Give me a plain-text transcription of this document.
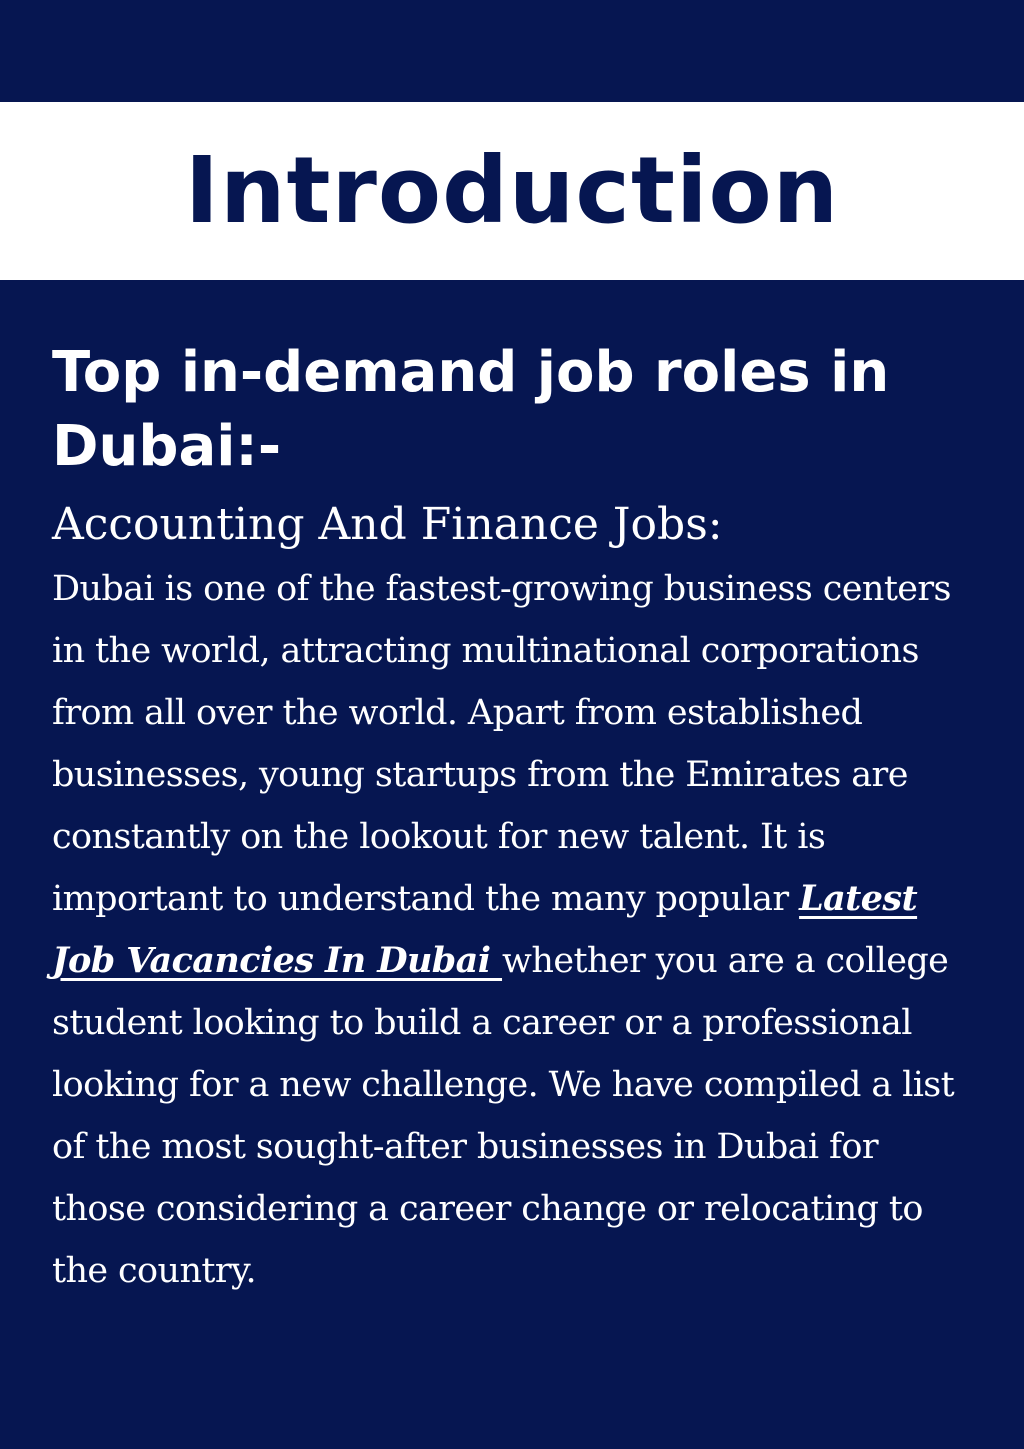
Introduction
Top in-demand job roles in Dubai:-
Accounting And Finance Jobs:

Dubai is one of the fastest-growing business centers in the world, attracting multinational corporations from all over the world. Apart from established businesses, young startups from the Emirates are constantly on the lookout for new talent. It is important to understand the many popular Latest Job Vacancies In Dubai whether you are a college student looking to build a career or a professional looking for a new challenge. We have compiled a list of the most sought-after businesses in Dubai for those considering a career change or relocating to the country.
